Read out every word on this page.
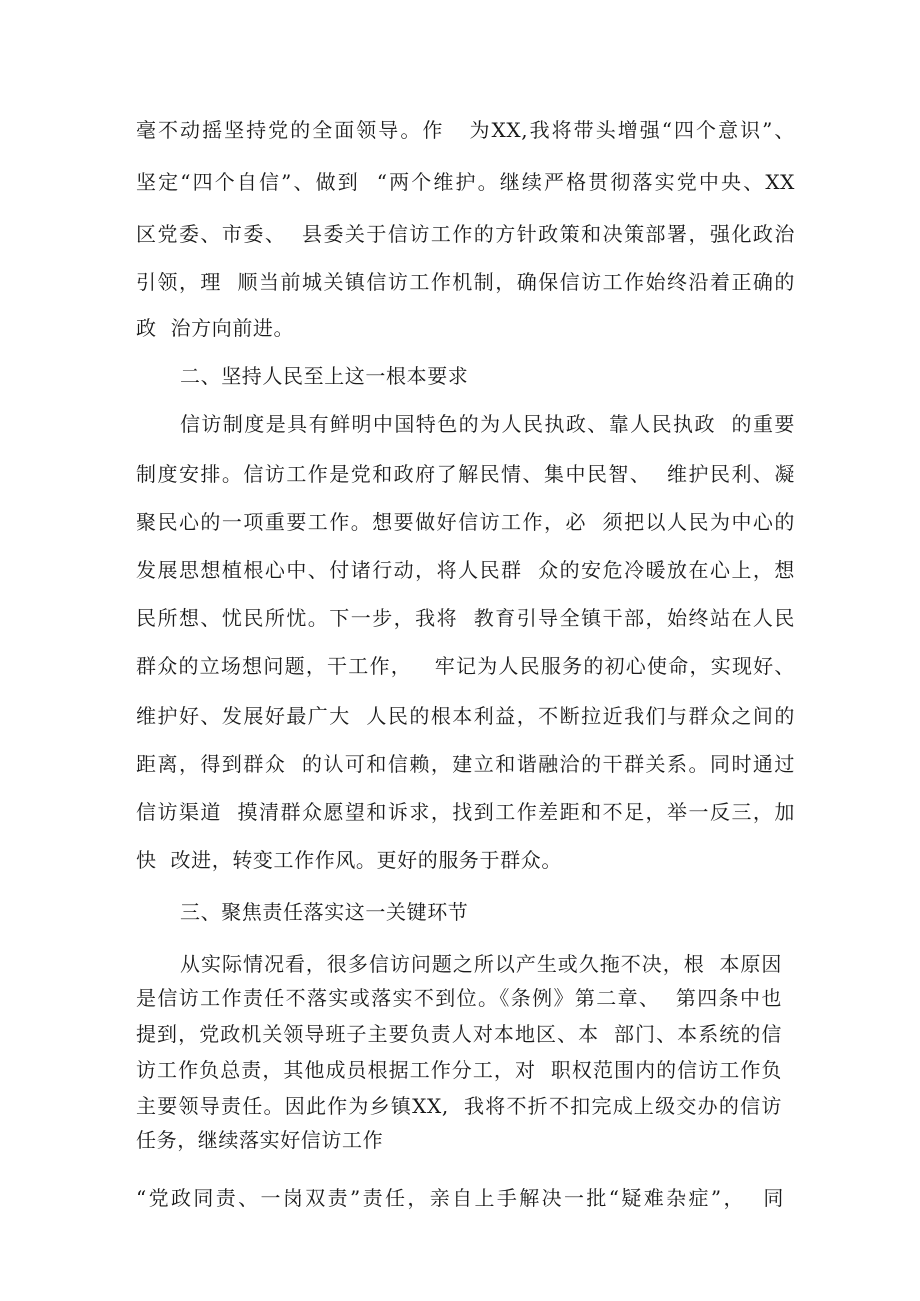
毫不动摇坚持党的全面领导。作   为XX,我将带头增强“四个意识”、
坚定“四个自信”、做到  “两个维护。继续严格贯彻落实党中央、XX
区党委、市委、  县委关于信访工作的方针政策和决策部署，强化政治
引领，理  顺当前城关镇信访工作机制，确保信访工作始终沿着正确的
政  治方向前进。
二、坚持人民至上这一根本要求
信访制度是具有鲜明中国特色的为人民执政、靠人民执政  的重要
制度安排。信访工作是党和政府了解民情、集中民智、  维护民利、凝
聚民心的一项重要工作。想要做好信访工作，必  须把以人民为中心的
发展思想植根心中、付诸行动，将人民群  众的安危冷暖放在心上，想
民所想、忧民所忧。下一步，我将  教育引导全镇干部，始终站在人民
群众的立场想问题，干工作，   牢记为人民服务的初心使命，实现好、
维护好、发展好最广大  人民的根本利益，不断拉近我们与群众之间的
距离，得到群众  的认可和信赖，建立和谐融洽的干群关系。同时通过
信访渠道  摸清群众愿望和诉求，找到工作差距和不足，举一反三，加
快  改进，转变工作作风。更好的服务于群众。
三、聚焦责任落实这一关键环节
从实际情况看，很多信访问题之所以产生或久拖不决，根  本原因
是信访工作责任不落实或落实不到位。《条例》第二章、  第四条中也
提到，党政机关领导班子主要负责人对本地区、本  部门、本系统的信
访工作负总责，其他成员根据工作分工，对  职权范围内的信访工作负
主要领导责任。因此作为乡镇XX,  我将不折不扣完成上级交办的信访
任务，继续落实好信访工作
“党政同责、一岗双责”责任，亲自上手解决一批“疑难杂症”，  同
